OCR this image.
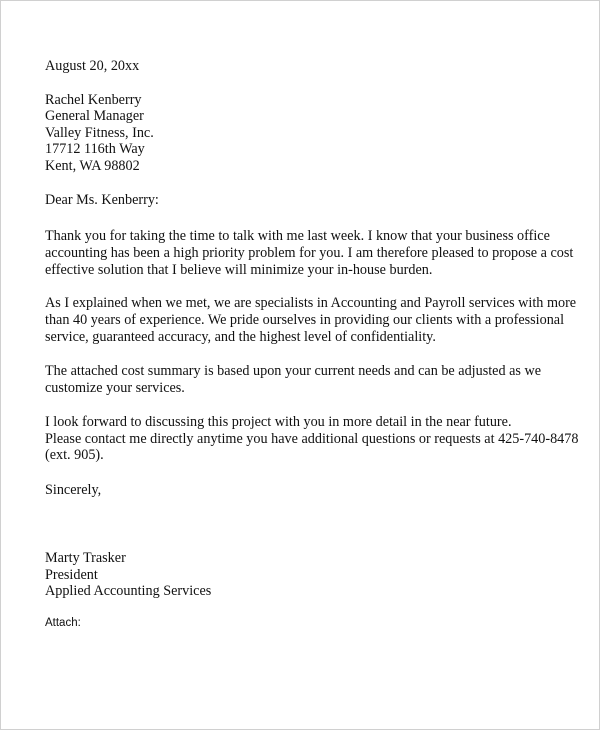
August 20, 20xx
Rachel Kenberry
General Manager
Valley Fitness, Inc.
17712 116th Way
Kent, WA 98802
Dear Ms. Kenberry:
Thank you for taking the time to talk with me last week. I know that your business office
accounting has been a high priority problem for you. I am therefore pleased to propose a cost
effective solution that I believe will minimize your in-house burden.
As I explained when we met, we are specialists in Accounting and Payroll services with more
than 40 years of experience. We pride ourselves in providing our clients with a professional
service, guaranteed accuracy, and the highest level of confidentiality.
The attached cost summary is based upon your current needs and can be adjusted as we
customize your services.
I look forward to discussing this project with you in more detail in the near future.
Please contact me directly anytime you have additional questions or requests at 425-740-8478
(ext. 905).
Sincerely,
Marty Trasker
President
Applied Accounting Services
Attach:
